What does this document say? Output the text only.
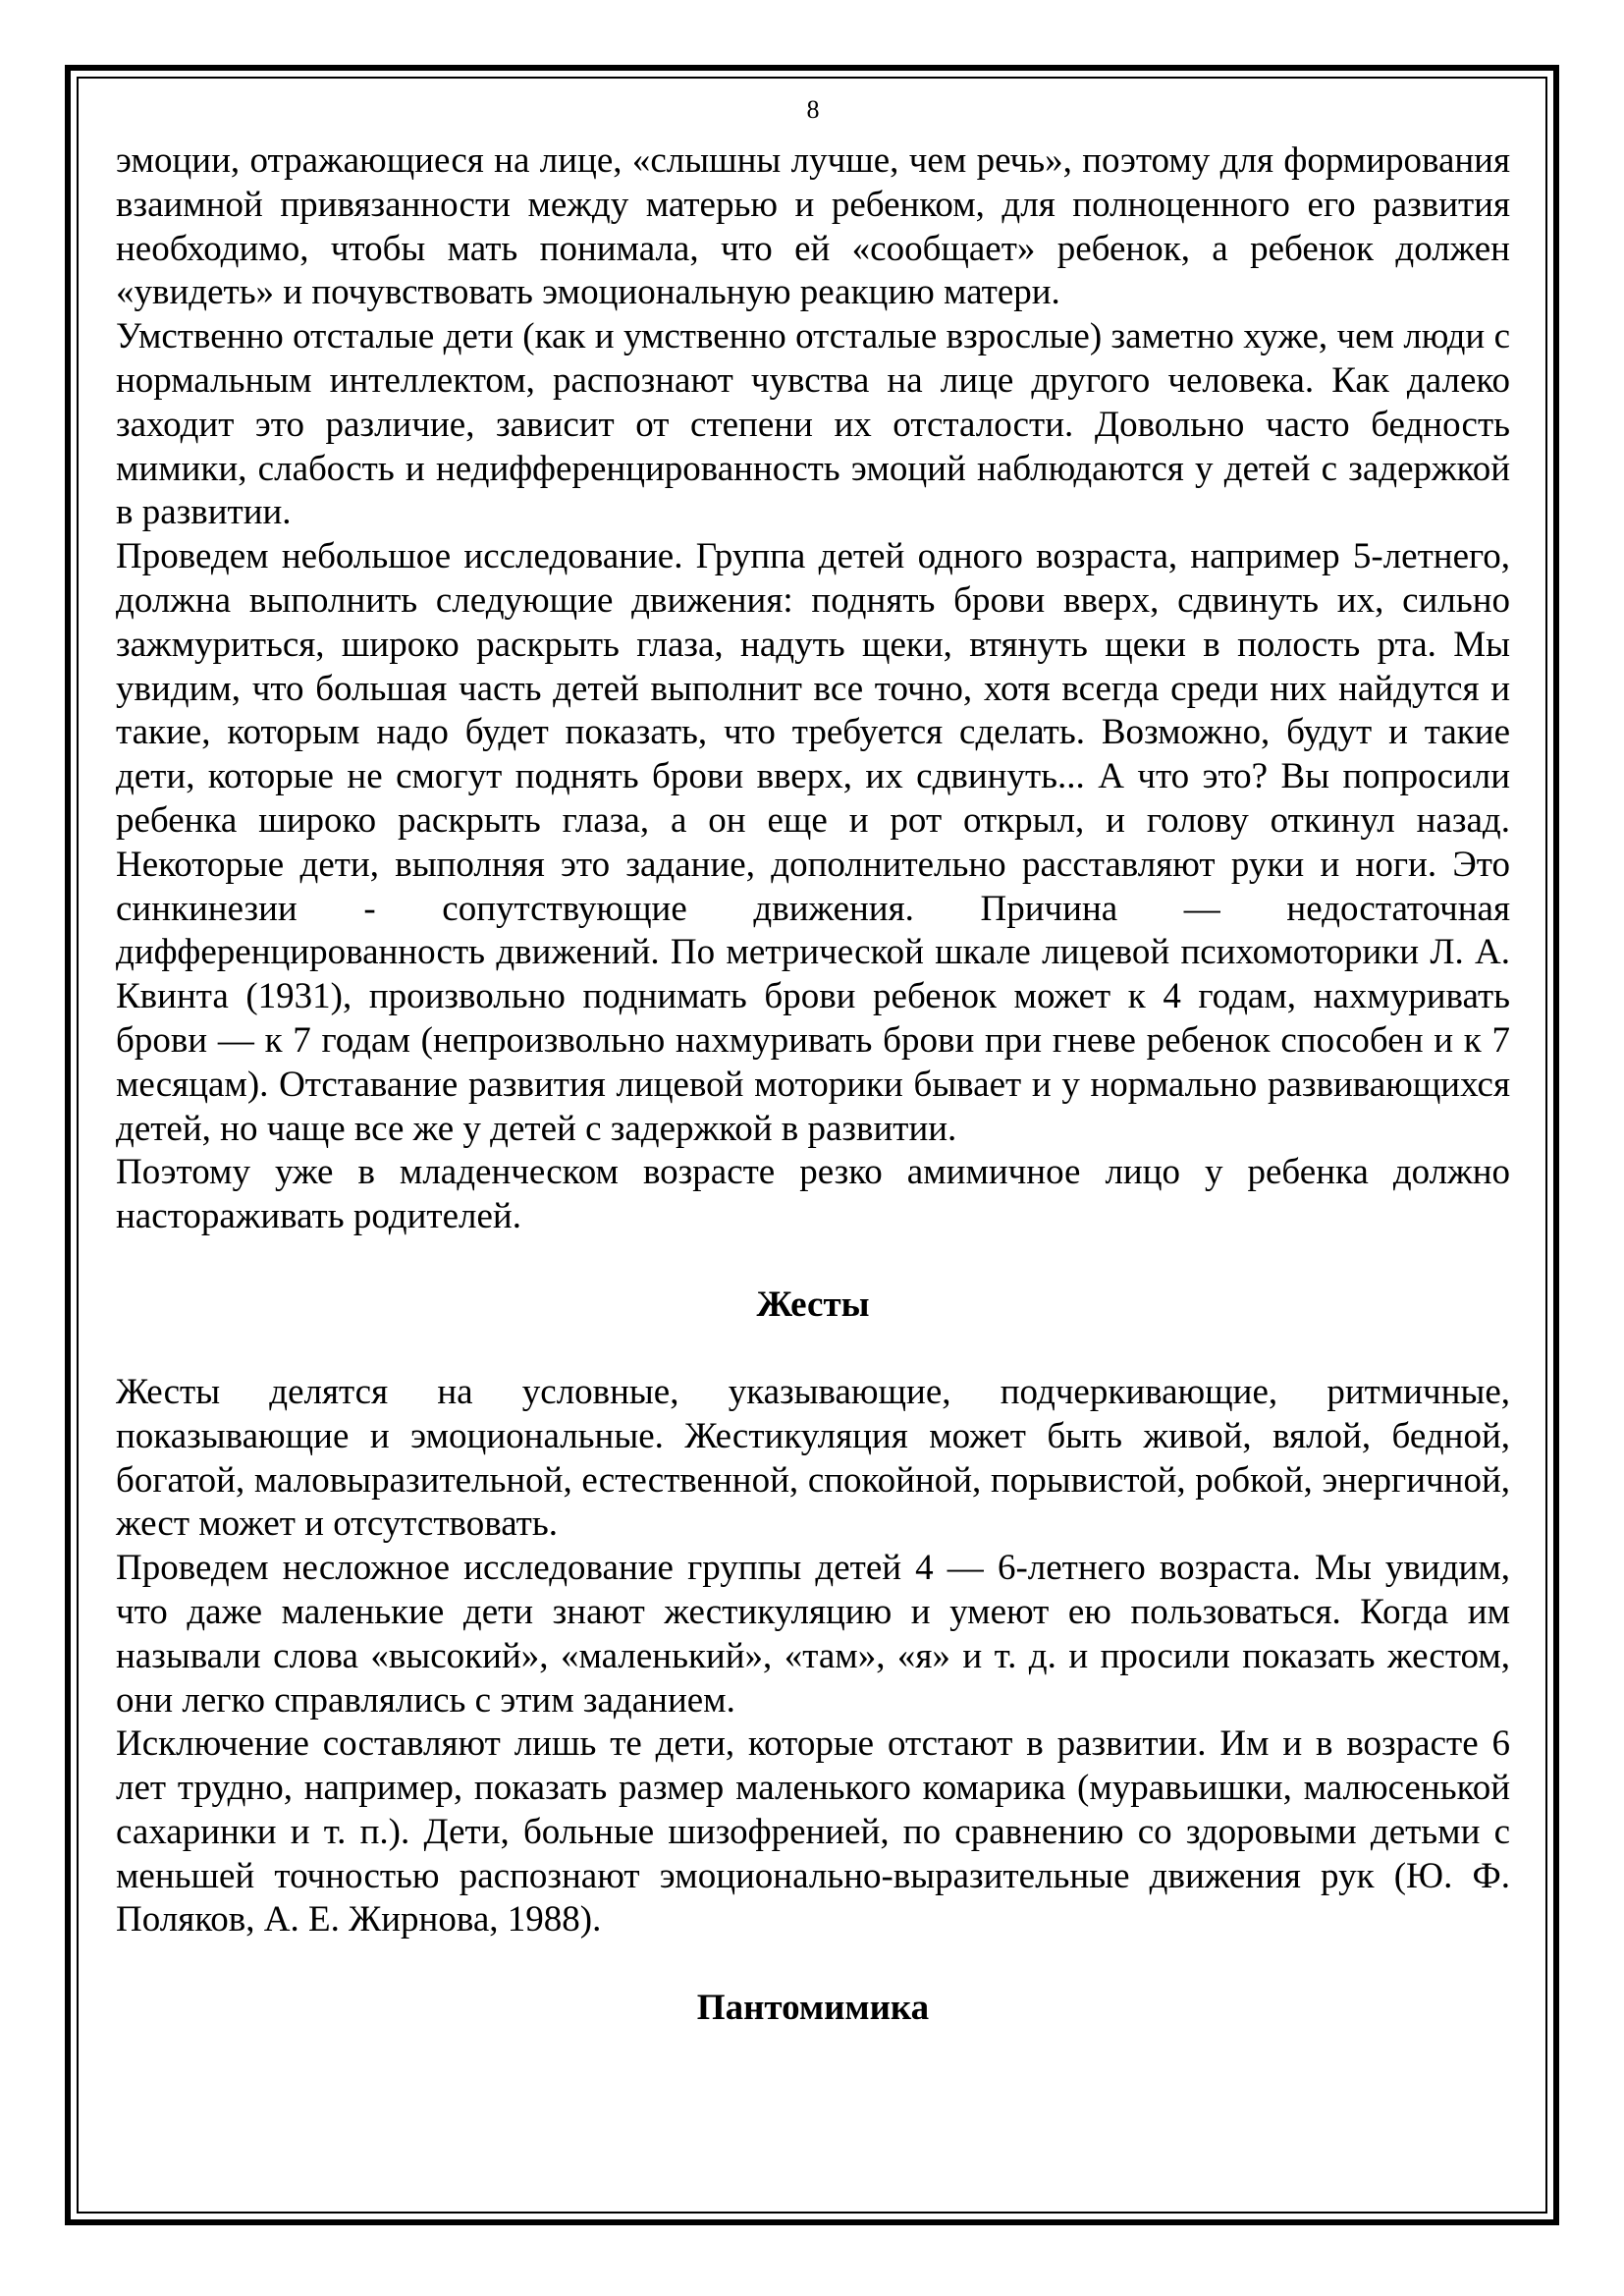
8

эмоции, отражающиеся на лице, «слышны лучше, чем речь», поэтому для формирования взаимной привязанности между матерью и ребенком, для полноценного его развития необходимо, чтобы мать понимала, что ей «сообщает» ребенок, а ребенок должен «увидеть» и почувствовать эмоциональную реакцию матери.

Умственно отсталые дети (как и умственно отсталые взрослые) заметно хуже, чем люди с нормальным интеллектом, распознают чувства на лице другого человека. Как далеко заходит это различие, зависит от степени их отсталости. Довольно часто бедность мимики, слабость и недифференцированность эмоций наблюдаются у детей с задержкой в развитии.

Проведем небольшое исследование. Группа детей одного возраста, например 5-летнего, должна выполнить следующие движения: поднять брови вверх, сдвинуть их, сильно зажмуриться, широко раскрыть глаза, надуть щеки, втянуть щеки в полость рта. Мы увидим, что большая часть детей выполнит все точно, хотя всегда среди них найдутся и такие, которым надо будет показать, что требуется сделать. Возможно, будут и такие дети, которые не смогут поднять брови вверх, их сдвинуть... А что это? Вы попросили ребенка широко раскрыть глаза, а он еще и рот открыл, и голову откинул назад. Некоторые дети, выполняя это задание, дополнительно расставляют руки и ноги. Это синкинезии - сопутствующие движения. Причина — недостаточная дифференцированность движений. По метрической шкале лицевой психомоторики Л. А. Квинта (1931), произвольно поднимать брови ребенок может к 4 годам, нахмуривать брови — к 7 годам (непроизвольно нахмуривать брови при гневе ребенок способен и к 7 месяцам). Отставание развития лицевой моторики бывает и у нормально развивающихся детей, но чаще все же у детей с задержкой в развитии.

Поэтому уже в младенческом возрасте резко амимичное лицо у ребенка должно настораживать родителей.

Жесты

Жесты делятся на условные, указывающие, подчеркивающие, ритмичные, показывающие и эмоциональные. Жестикуляция может быть живой, вялой, бедной, богатой, маловыразительной, естественной, спокойной, порывистой, робкой, энергичной, жест может и отсутствовать.

Проведем несложное исследование группы детей 4 — 6-летнего возраста. Мы увидим, что даже маленькие дети знают жестикуляцию и умеют ею пользоваться. Когда им называли слова «высокий», «маленький», «там», «я» и т. д. и просили показать жестом, они легко справлялись с этим заданием.

Исключение составляют лишь те дети, которые отстают в развитии. Им и в возрасте 6 лет трудно, например, показать размер маленького комарика (муравьишки, малюсенькой сахаринки и т. п.). Дети, больные шизофренией, по сравнению со здоровыми детьми с меньшей точностью распознают эмоционально-выразительные движения рук (Ю. Ф. Поляков, А. Е. Жирнова, 1988).

Пантомимика
